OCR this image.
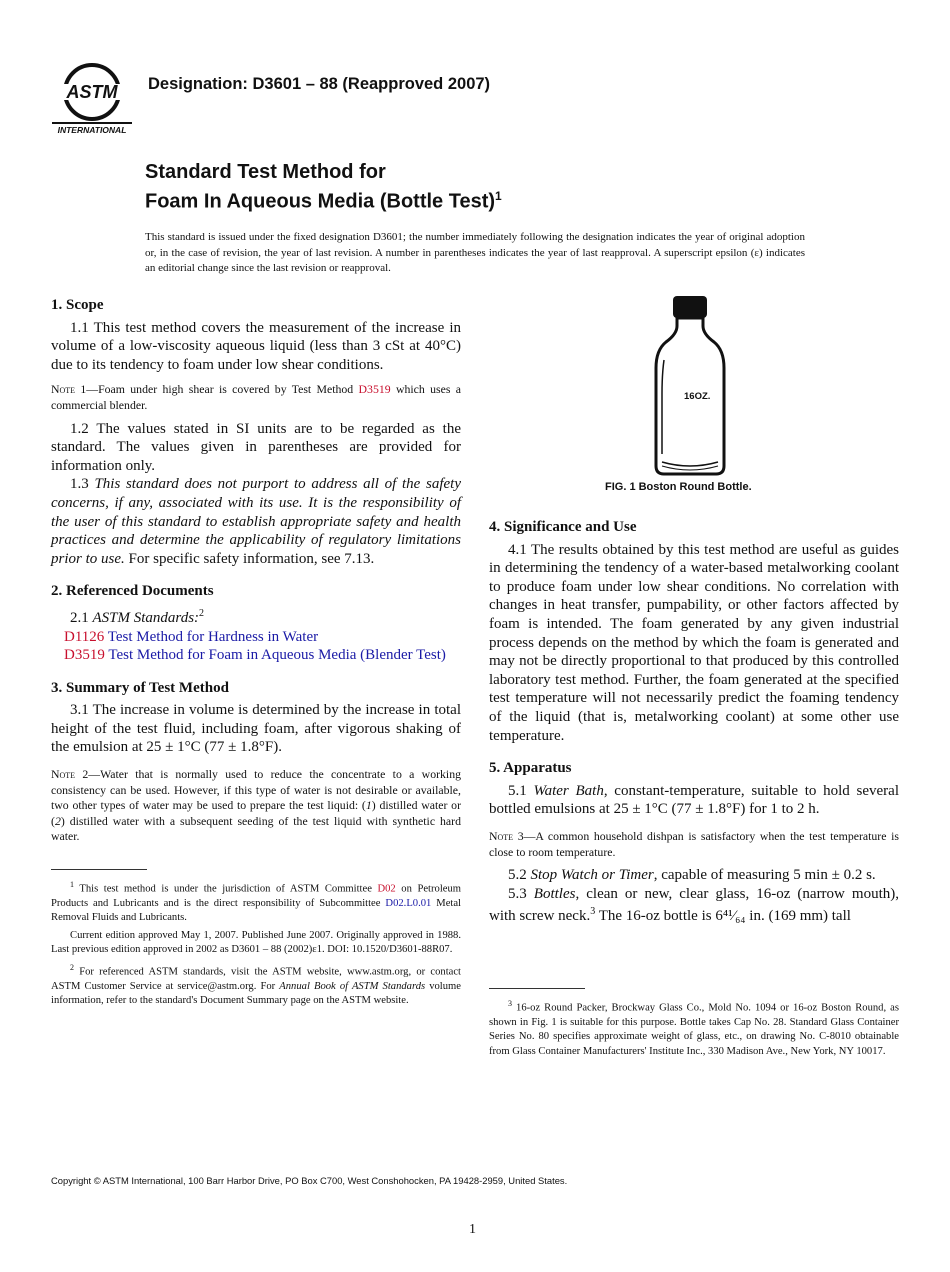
ASTM
INTERNATIONAL
Designation: D3601 – 88 (Reapproved 2007)
Standard Test Method for
Foam In Aqueous Media (Bottle Test)$^1$
This standard is issued under the fixed designation D3601; the number immediately following the designation indicates the year of original adoption or, in the case of revision, the year of last revision. A number in parentheses indicates the year of last reapproval. A superscript epsilon (ε) indicates an editorial change since the last revision or reapproval.
1. Scope

1.1 This test method covers the measurement of the increase in volume of a low-viscosity aqueous liquid (less than 3 cSt at 40°C) due to its tendency to foam under low shear conditions.

Note 1—Foam under high shear is covered by Test Method D3519 which uses a commercial blender.

1.2 The values stated in SI units are to be regarded as the standard. The values given in parentheses are provided for information only.

1.3 This standard does not purport to address all of the safety concerns, if any, associated with its use. It is the responsibility of the user of this standard to establish appropriate safety and health practices and determine the applicability of regulatory limitations prior to use. For specific safety information, see 7.13.

2. Referenced Documents

2.1 ASTM Standards:$^2$

D1126 Test Method for Hardness in Water

D3519 Test Method for Foam in Aqueous Media (Blender Test)

3. Summary of Test Method

3.1 The increase in volume is determined by the increase in total height of the test fluid, including foam, after vigorous shaking of the emulsion at 25 ± 1°C (77 ± 1.8°F).

Note 2—Water that is normally used to reduce the concentrate to a working consistency can be used. However, if this type of water is not desirable or available, two other types of water may be used to prepare the test liquid: (1) distilled water or (2) distilled water with a subsequent seeding of the test liquid with synthetic hard water.

$^1$ This test method is under the jurisdiction of ASTM Committee D02 on Petroleum Products and Lubricants and is the direct responsibility of Subcommittee D02.L0.01 Metal Removal Fluids and Lubricants.

Current edition approved May 1, 2007. Published June 2007. Originally approved in 1988. Last previous edition approved in 2002 as D3601 – 88 (2002)ε1. DOI: 10.1520/D3601-88R07.

$^2$ For referenced ASTM standards, visit the ASTM website, www.astm.org, or contact ASTM Customer Service at service@astm.org. For Annual Book of ASTM Standards volume information, refer to the standard's Document Summary page on the ASTM website.

16OZ.
FIG. 1 Boston Round Bottle.
4. Significance and Use

4.1 The results obtained by this test method are useful as guides in determining the tendency of a water-based metalworking coolant to produce foam under low shear conditions. No correlation with changes in heat transfer, pumpability, or other factors affected by foam is intended. The foam generated by any given industrial process depends on the method by which the foam is generated and may not be directly proportional to that produced by this controlled laboratory test method. Further, the foam generated at the specified test temperature will not necessarily predict the foaming tendency of the liquid (that is, metalworking coolant) at some other use temperature.

5. Apparatus

5.1 Water Bath, constant-temperature, suitable to hold several bottled emulsions at 25 ± 1°C (77 ± 1.8°F) for 1 to 2 h.

Note 3—A common household dishpan is satisfactory when the test temperature is close to room temperature.

5.2 Stop Watch or Timer, capable of measuring 5 min ± 0.2 s.

5.3 Bottles, clean or new, clear glass, 16-oz (narrow mouth), with screw neck.$^3$ The 16-oz bottle is 6⁴¹⁄₆₄ in. (169 mm) tall

$^3$ 16-oz Round Packer, Brockway Glass Co., Mold No. 1094 or 16-oz Boston Round, as shown in Fig. 1 is suitable for this purpose. Bottle takes Cap No. 28. Standard Glass Container Series No. 80 specifies approximate weight of glass, etc., on drawing No. C-8010 obtainable from Glass Container Manufacturers' Institute Inc., 330 Madison Ave., New York, NY 10017.

Copyright © ASTM International, 100 Barr Harbor Drive, PO Box C700, West Conshohocken, PA 19428-2959, United States.
1
